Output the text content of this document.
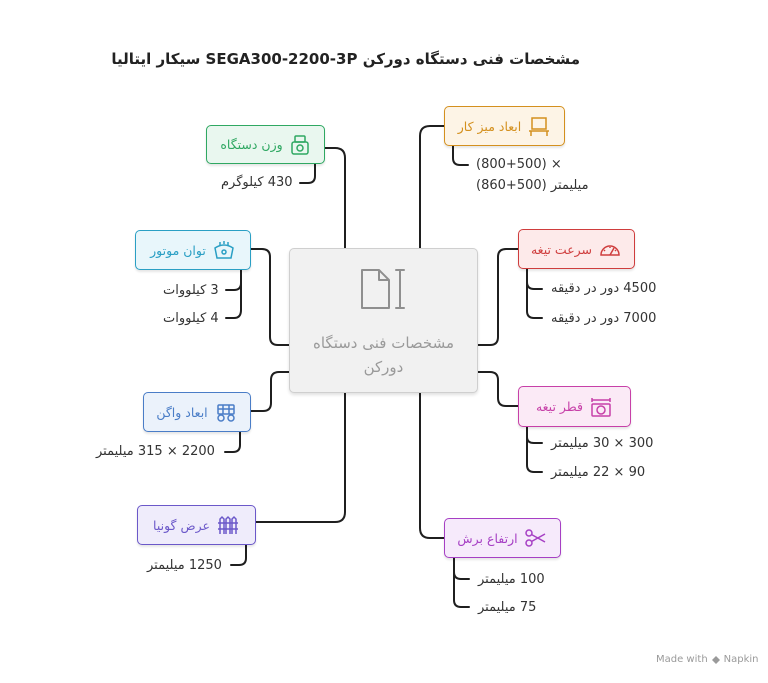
مشخصات فنی دستگاه دورکن SEGA300-2200-3P سیکار ایتالیا
مشخصات فنی دستگاه دورکن
وزن دستگاه
430 کیلوگرم
توان موتور
3 کیلووات
4 کیلووات
ابعاد واگن
2200 × 315 میلیمتر
عرض گونیا
1250 میلیمتر
ابعاد میز کار
× (800+500)
میلیمتر (500+860)
سرعت تیغه
4500 دور در دقیقه
7000 دور در دقیقه
قطر تیغه
300 × 30 میلیمتر
90 × 22 میلیمتر
ارتفاع برش
100 میلیمتر
75 میلیمتر
Made with Napkin
